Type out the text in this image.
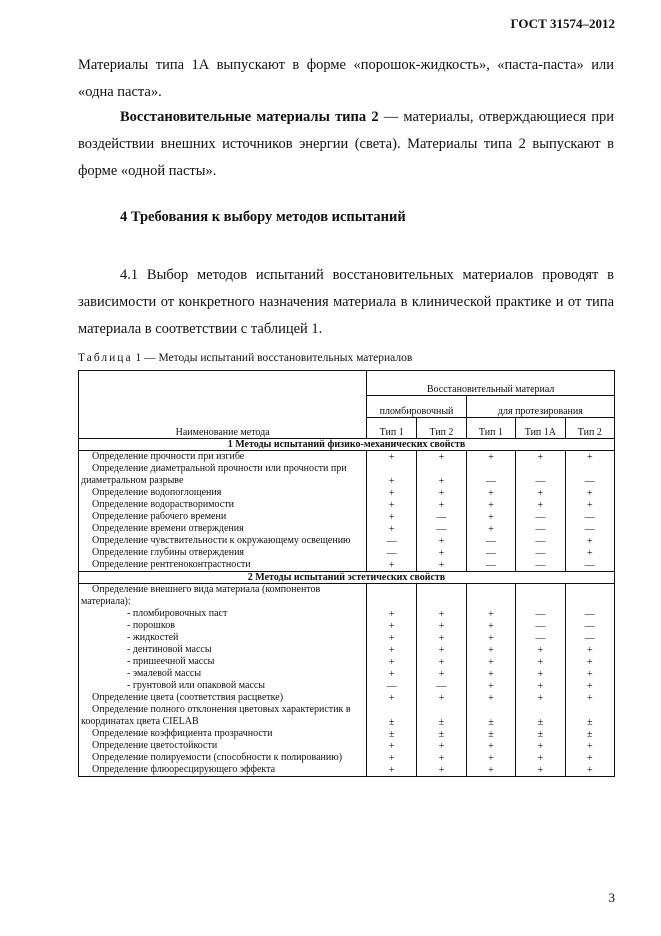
ГОСТ 31574–2012
Материалы типа 1А выпускают в форме «порошок-жидкость», «паста-паста» или «одна паста».
Восстановительные материалы типа 2 — материалы, отверждающиеся при воздействии внешних источников энергии (света). Материалы типа 2 выпускают в форме «одной пасты».
4 Требования к выбору методов испытаний
4.1 Выбор методов испытаний восстановительных материалов проводят в зависимости от конкретного назначения материала в клинической практике и от типа материала в соответствии с таблицей 1.
Таблица 1 — Методы испытаний восстановительных материалов
Наименование метода	Восстановительный материал				
	пломбировочный		для протезирования		
	Тип 1	Тип 2	Тип 1	Тип 1А	Тип 2
1 Методы испытаний физико-механических свойств					
Определение прочности при изгибе	+	+	+	+	+
Определение диаметральной прочности или прочности при диаметральном разрыве	+	+	—	—	—
Определение водопоглощения	+	+	+	+	+
Определение водорастворимости	+	+	+	+	+
Определение рабочего времени	+	—	+	—	—
Определение времени отверждения	+	—	+	—	—
Определение чувствительности к окружающему освещению	—	+	—	—	+
Определение глубины отверждения	—	+	—	—	+
Определение рентгеноконтрастности	+	+	—	—	—
2 Методы испытаний эстетических свойств					
Определение внешнего вида материала (компонентов материала):					
- пломбировочных паст	+	+	+	—	—
- порошков	+	+	+	—	—
- жидкостей	+	+	+	—	—
- дентиновой массы	+	+	+	+	+
- пришеечной массы	+	+	+	+	+
- эмалевой массы	+	+	+	+	+
- грунтовой или опаковой массы	—	—	+	+	+
Определение цвета (соответствия расцветке)	+	+	+	+	+
Определение полного отклонения цветовых характеристик в координатах цвета CIELAB	±	±	±	±	±
Определение коэффициента прозрачности	±	±	±	±	±
Определение цветостойкости	+	+	+	+	+
Определение полируемости (способности к полированию)	+	+	+	+	+
Определение флюоресцирующего эффекта	+	+	+	+	+
3
